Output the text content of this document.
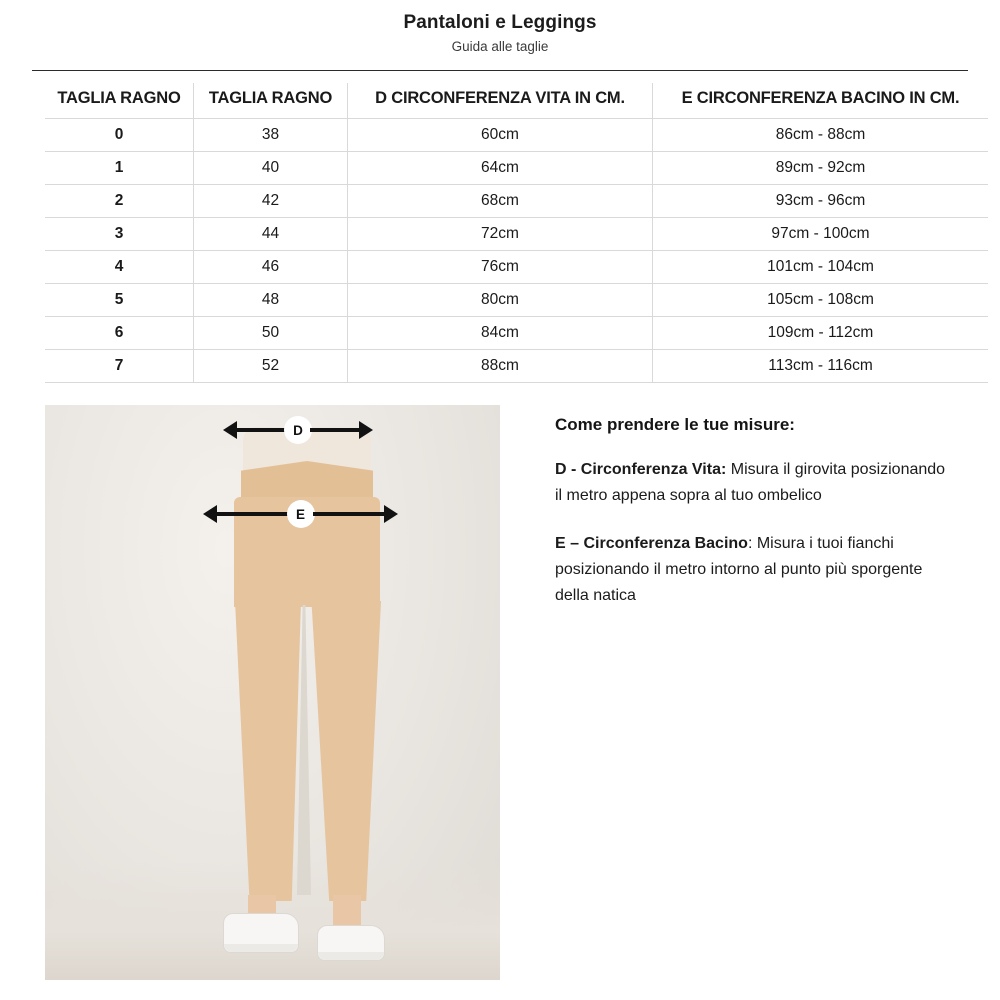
Pantaloni e Leggings
Guida alle taglie
TAGLIA RAGNO	TAGLIA RAGNO	D CIRCONFERENZA VITA IN CM.	E CIRCONFERENZA BACINO IN CM.
0	38	60cm	86cm - 88cm
1	40	64cm	89cm - 92cm
2	42	68cm	93cm - 96cm
3	44	72cm	97cm - 100cm
4	46	76cm	101cm - 104cm
5	48	80cm	105cm - 108cm
6	50	84cm	109cm - 112cm
7	52	88cm	113cm - 116cm
D
E
Come prendere le tue misure:

D - Circonferenza Vita: Misura il girovita posizionando il metro appena sopra al tuo ombelico

E – Circonferenza Bacino: Misura i tuoi fianchi posizionando il metro intorno al punto più sporgente della natica
